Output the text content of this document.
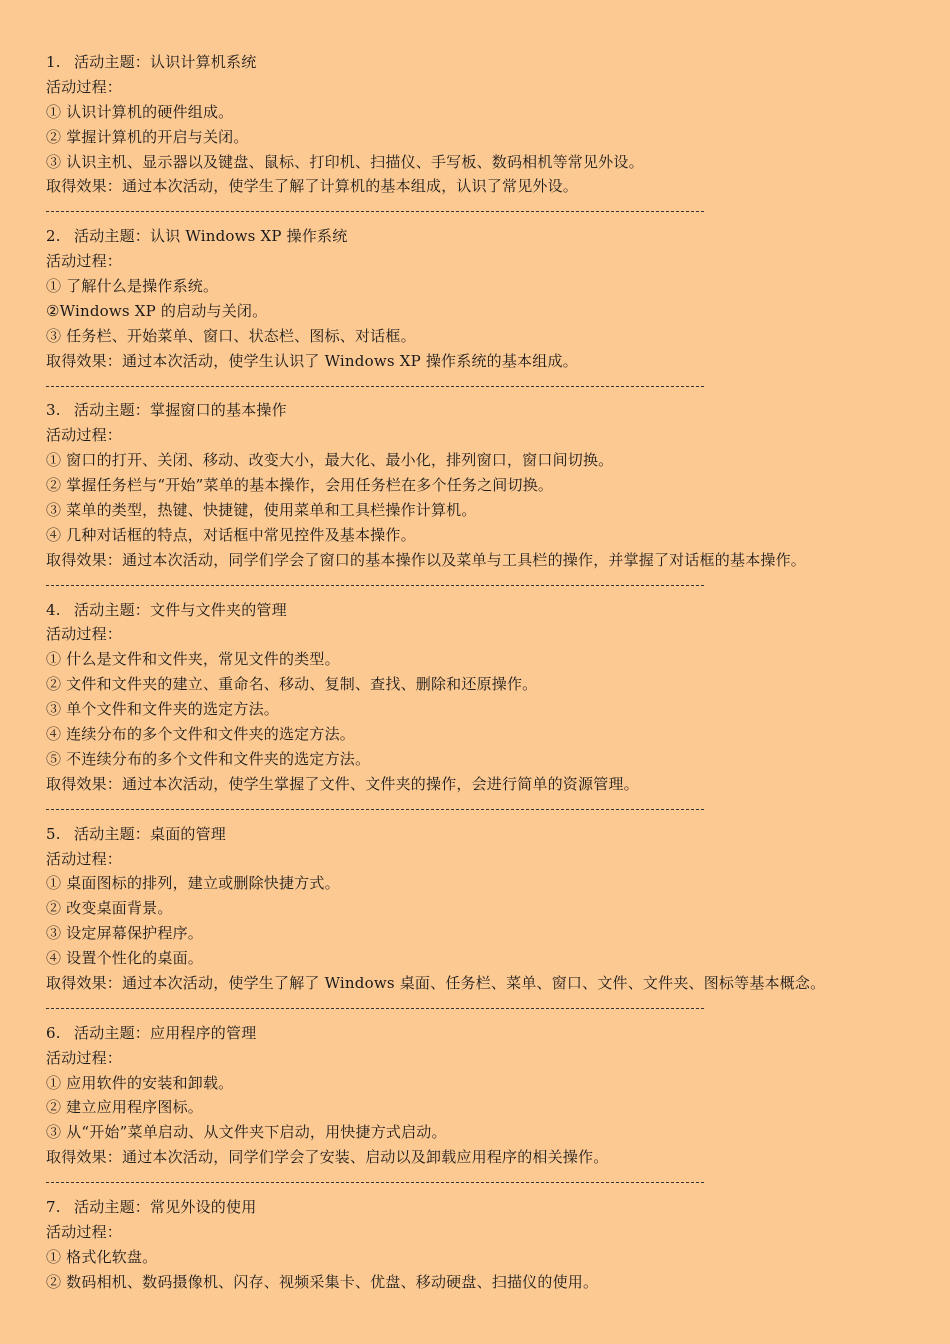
1. 活动主题：认识计算机系统
活动过程：
① 认识计算机的硬件组成。
② 掌握计算机的开启与关闭。
③ 认识主机、显示器以及键盘、鼠标、打印机、扫描仪、手写板、数码相机等常见外设。
取得效果：通过本次活动，使学生了解了计算机的基本组成，认识了常见外设。
2. 活动主题：认识 Windows XP 操作系统
活动过程：
① 了解什么是操作系统。
②Windows XP 的启动与关闭。
③ 任务栏、开始菜单、窗口、状态栏、图标、对话框。
取得效果：通过本次活动，使学生认识了 Windows XP 操作系统的基本组成。
3. 活动主题：掌握窗口的基本操作
活动过程：
① 窗口的打开、关闭、移动、改变大小，最大化、最小化，排列窗口，窗口间切换。
② 掌握任务栏与“开始”菜单的基本操作，会用任务栏在多个任务之间切换。
③ 菜单的类型，热键、快捷键，使用菜单和工具栏操作计算机。
④ 几种对话框的特点，对话框中常见控件及基本操作。
取得效果：通过本次活动，同学们学会了窗口的基本操作以及菜单与工具栏的操作，并掌握了对话框的基本操作。
4. 活动主题：文件与文件夹的管理
活动过程：
① 什么是文件和文件夹，常见文件的类型。
② 文件和文件夹的建立、重命名、移动、复制、查找、删除和还原操作。
③ 单个文件和文件夹的选定方法。
④ 连续分布的多个文件和文件夹的选定方法。
⑤ 不连续分布的多个文件和文件夹的选定方法。
取得效果：通过本次活动，使学生掌握了文件、文件夹的操作，会进行简单的资源管理。
5. 活动主题：桌面的管理
活动过程：
① 桌面图标的排列，建立或删除快捷方式。
② 改变桌面背景。
③ 设定屏幕保护程序。
④ 设置个性化的桌面。
取得效果：通过本次活动，使学生了解了 Windows 桌面、任务栏、菜单、窗口、文件、文件夹、图标等基本概念。
6. 活动主题：应用程序的管理
活动过程：
① 应用软件的安装和卸载。
② 建立应用程序图标。
③ 从“开始”菜单启动、从文件夹下启动，用快捷方式启动。
取得效果：通过本次活动，同学们学会了安装、启动以及卸载应用程序的相关操作。
7. 活动主题：常见外设的使用
活动过程：
① 格式化软盘。
② 数码相机、数码摄像机、闪存、视频采集卡、优盘、移动硬盘、扫描仪的使用。
